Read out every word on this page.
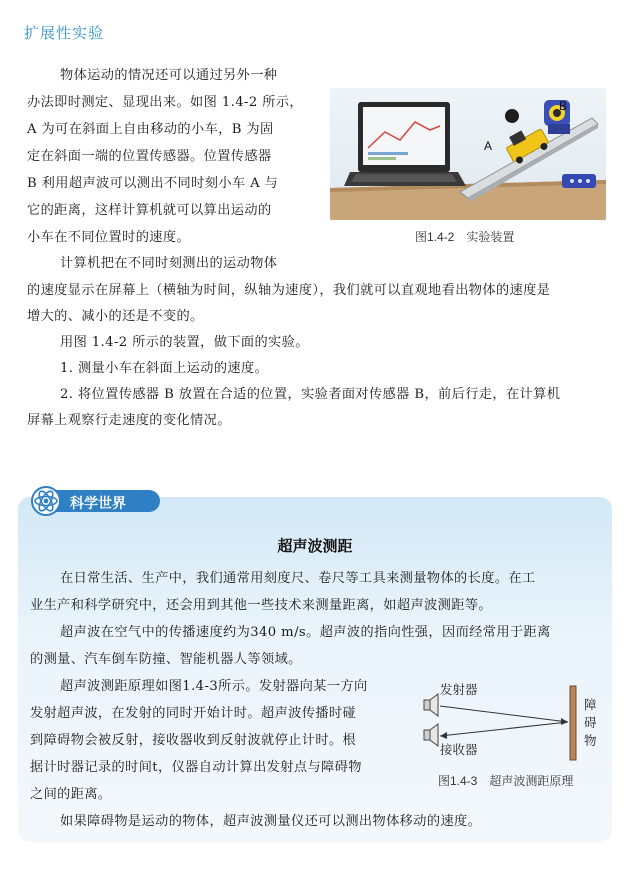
扩展性实验
物体运动的情况还可以通过另外一种
办法即时测定、显现出来。如图 1.4-2 所示，
A 为可在斜面上自由移动的小车，B 为固
定在斜面一端的位置传感器。位置传感器
B 利用超声波可以测出不同时刻小车 A 与
它的距离，这样计算机就可以算出运动的
小车在不同位置时的速度。
计算机把在不同时刻测出的运动物体
的速度显示在屏幕上（横轴为时间，纵轴为速度），我们就可以直观地看出物体的速度是
增大的、减小的还是不变的。
用图 1.4-2 所示的装置，做下面的实验。
1. 测量小车在斜面上运动的速度。
2. 将位置传感器 B 放置在合适的位置，实验者面对传感器 B，前后行走，在计算机
屏幕上观察行走速度的变化情况。
A
B
图1.4-2　实验装置
科学世界
超声波测距
在日常生活、生产中，我们通常用刻度尺、卷尺等工具来测量物体的长度。在工
业生产和科学研究中，还会用到其他一些技术来测量距离，如超声波测距等。
超声波在空气中的传播速度约为340 m/s。超声波的指向性强，因而经常用于距离
的测量、汽车倒车防撞、智能机器人等领域。
超声波测距原理如图1.4-3所示。发射器向某一方向
发射超声波，在发射的同时开始计时。超声波传播时碰
到障碍物会被反射，接收器收到反射波就停止计时。根
据计时器记录的时间t，仪器自动计算出发射点与障碍物
之间的距离。
如果障碍物是运动的物体，超声波测量仪还可以测出物体移动的速度。
发射器
接收器
障
碍
物
图1.4-3　超声波测距原理
